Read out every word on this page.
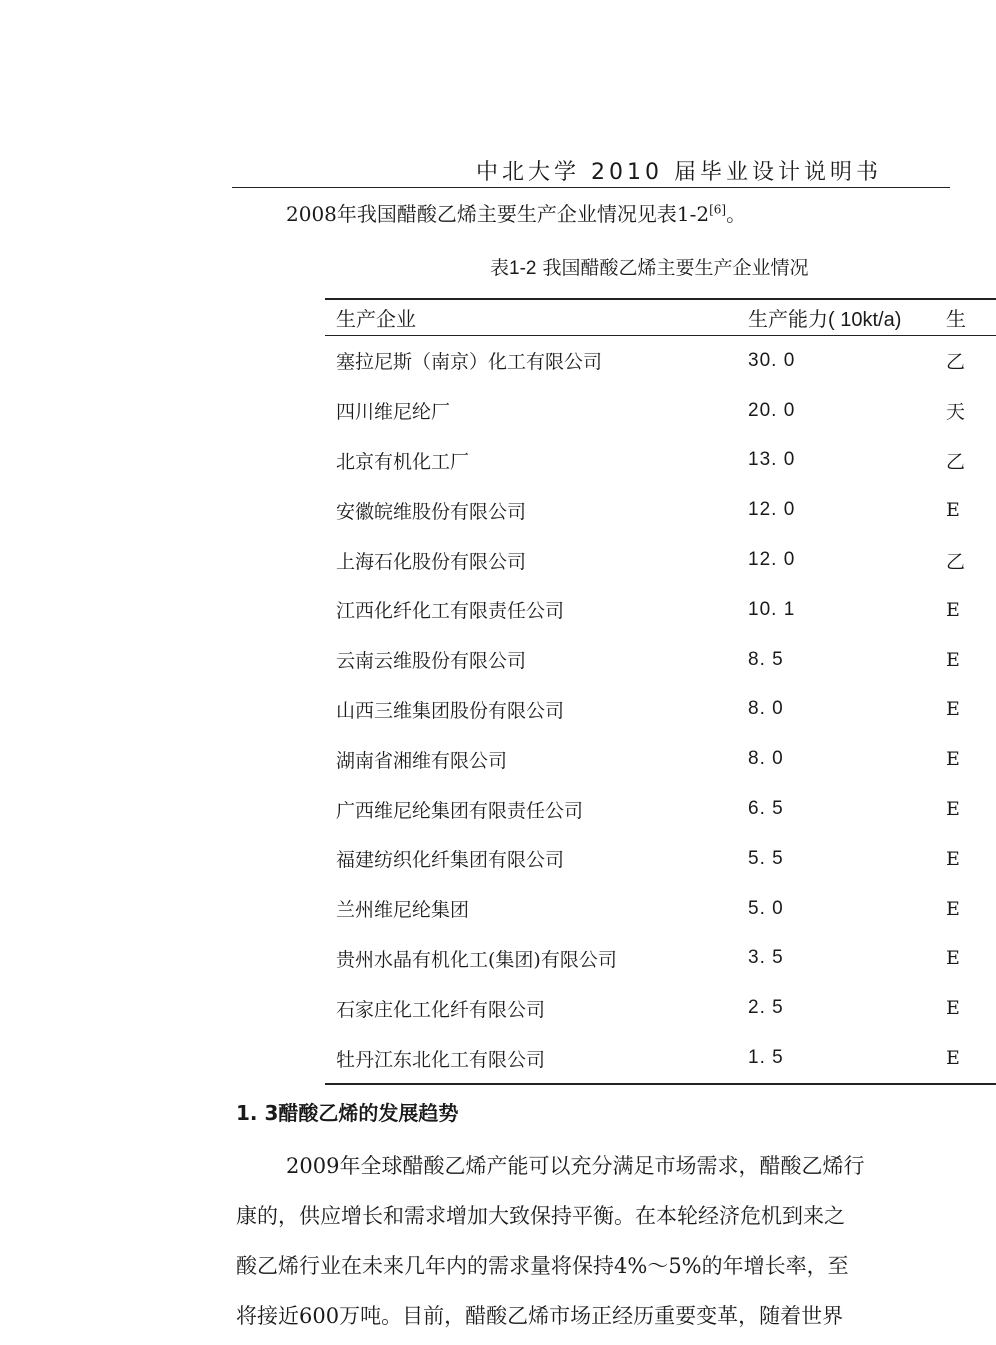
中北大学 2010 届毕业设计说明书
2008年我国醋酸乙烯主要生产企业情况见表1-2[6]。
表1-2 我国醋酸乙烯主要生产企业情况
生产企业	生产能力( 10kt/a)	生
塞拉尼斯（南京）化工有限公司	30. 0	乙
四川维尼纶厂	20. 0	天
北京有机化工厂	13. 0	乙
安徽皖维股份有限公司	12. 0	E
上海石化股份有限公司	12. 0	乙
江西化纤化工有限责任公司	10. 1	E
云南云维股份有限公司	8. 5	E
山西三维集团股份有限公司	8. 0	E
湖南省湘维有限公司	8. 0	E
广西维尼纶集团有限责任公司	6. 5	E
福建纺织化纤集团有限公司	5. 5	E
兰州维尼纶集团	5. 0	E
贵州水晶有机化工(集团)有限公司	3. 5	E
石家庄化工化纤有限公司	2. 5	E
牡丹江东北化工有限公司	1. 5	E
1. 3醋酸乙烯的发展趋势
2009年全球醋酸乙烯产能可以充分满足市场需求，醋酸乙烯行
康的，供应增长和需求增加大致保持平衡。在本轮经济危机到来之
酸乙烯行业在未来几年内的需求量将保持4%～5%的年增长率，至
将接近600万吨。目前，醋酸乙烯市场正经历重要变革，随着世界
